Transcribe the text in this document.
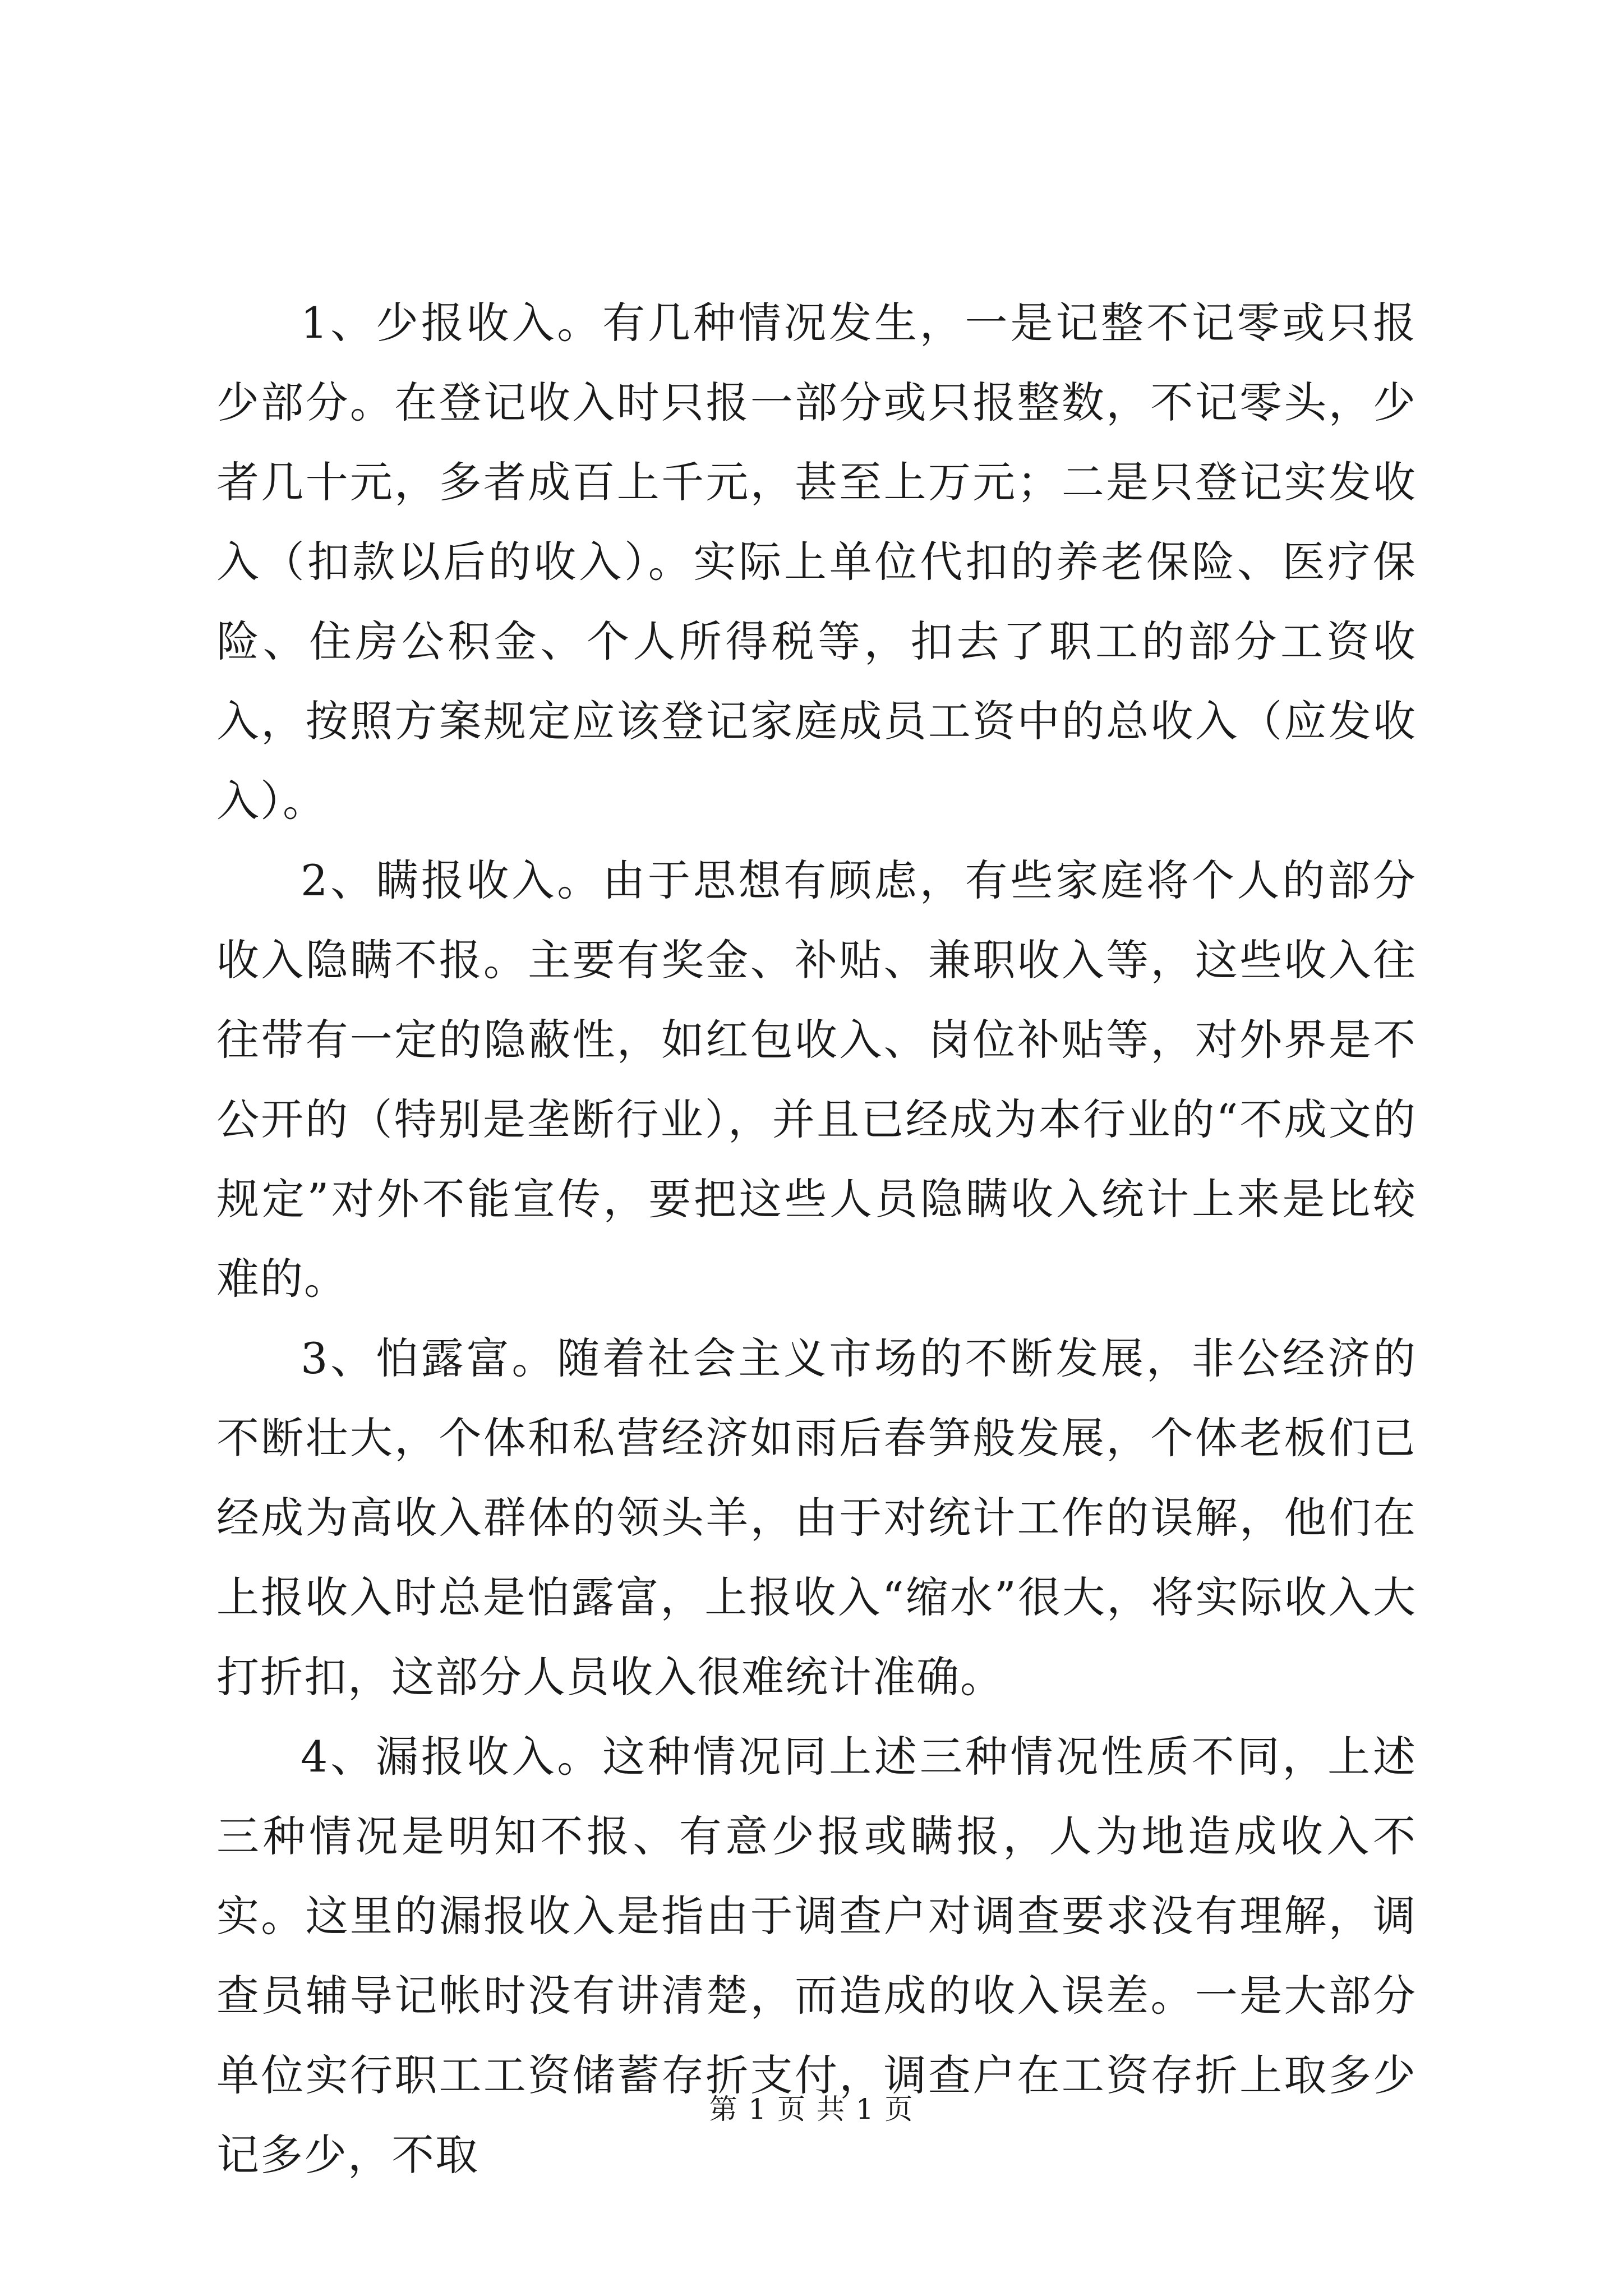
1、少报收入。有几种情况发生，一是记整不记零或只报少部分。在登记收入时只报一部分或只报整数，不记零头，少者几十元，多者成百上千元，甚至上万元；二是只登记实发收入（扣款以后的收入）。实际上单位代扣的养老保险、医疗保险、住房公积金、个人所得税等，扣去了职工的部分工资收入，按照方案规定应该登记家庭成员工资中的总收入（应发收入）。

2、瞒报收入。由于思想有顾虑，有些家庭将个人的部分收入隐瞒不报。主要有奖金、补贴、兼职收入等，这些收入往往带有一定的隐蔽性，如红包收入、岗位补贴等，对外界是不公开的（特别是垄断行业），并且已经成为本行业的“不成文的规定”对外不能宣传，要把这些人员隐瞒收入统计上来是比较难的。

3、怕露富。随着社会主义市场的不断发展，非公经济的不断壮大，个体和私营经济如雨后春笋般发展，个体老板们已经成为高收入群体的领头羊，由于对统计工作的误解，他们在上报收入时总是怕露富，上报收入“缩水”很大，将实际收入大打折扣，这部分人员收入很难统计准确。

4、漏报收入。这种情况同上述三种情况性质不同，上述三种情况是明知不报、有意少报或瞒报，人为地造成收入不实。这里的漏报收入是指由于调查户对调查要求没有理解，调查员辅导记帐时没有讲清楚，而造成的收入误差。一是大部分单位实行职工工资储蓄存折支付，调查户在工资存折上取多少记多少，不取

第 1 页 共 1 页
